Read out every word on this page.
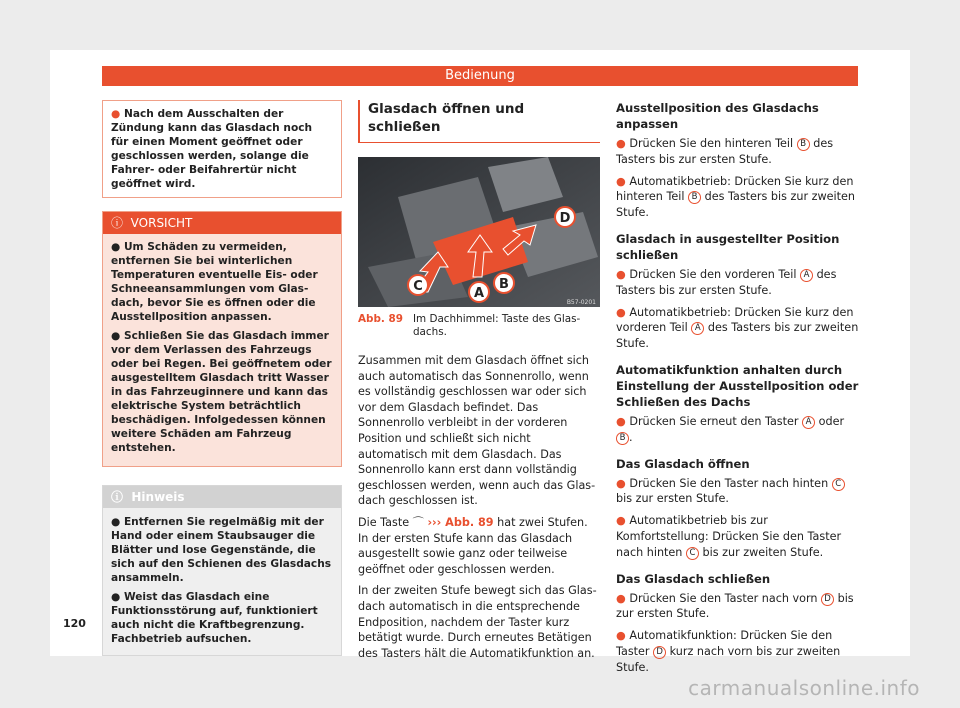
Bedienung
● Nach dem Ausschalten der Zündung kann das Glasdach noch für einen Moment geöffnet oder geschlossen werden, solange die Fahrer- oder Beifahrertür nicht geöffnet wird.
ⓘ VORSICHT

● Um Schäden zu vermeiden, entfernen Sie bei winterlichen Temperaturen eventuelle Eis- oder Schneeansammlungen vom Glasdach, bevor Sie es öffnen oder die Ausstellposition anpassen.

● Schließen Sie das Glasdach immer vor dem Verlassen des Fahrzeugs oder bei Regen. Bei geöffnetem oder ausgestelltem Glasdach tritt Wasser in das Fahrzeuginnere und kann das elektrische System beträchtlich beschädigen. Infolgedessen können weitere Schäden am Fahrzeug entstehen.

ⓘ Hinweis

● Entfernen Sie regelmäßig mit der Hand oder einem Staubsauger die Blätter und lose Gegenstände, die sich auf den Schienen des Glasdachs ansammeln.

● Weist das Glasdach eine Funktionsstörung auf, funktioniert auch nicht die Kraftbegrenzung. Fachbetrieb aufsuchen.

Glasdach öffnen und schließen
C	A
B
D
B57-0201
Abb. 89 Im Dachhimmel: Taste des Glasdachs.

Zusammen mit dem Glasdach öffnet sich auch automatisch das Sonnenrollo, wenn es vollständig geschlossen war oder sich vor dem Glasdach befindet. Das Sonnenrollo verbleibt in der vorderen Position und schließt sich nicht automatisch mit dem Glasdach. Das Sonnenrollo kann erst dann vollständig geschlossen werden, wenn auch das Glasdach geschlossen ist.

Die Taste ⌒ ››› Abb. 89 hat zwei Stufen. In der ersten Stufe kann das Glasdach ausgestellt sowie ganz oder teilweise geöffnet oder geschlossen werden.

In der zweiten Stufe bewegt sich das Glasdach automatisch in die entsprechende Endposition, nachdem der Taster kurz betätigt wurde. Durch erneutes Betätigen des Tasters hält die Automatikfunktion an.

Ausstellposition des Glasdachs anpassen

● Drücken Sie den hinteren Teil B des Tasters bis zur ersten Stufe.

● Automatikbetrieb: Drücken Sie kurz den hinteren Teil B des Tasters bis zur zweiten Stufe.

Glasdach in ausgestellter Position schließen

● Drücken Sie den vorderen Teil A des Tasters bis zur ersten Stufe.

● Automatikbetrieb: Drücken Sie kurz den vorderen Teil A des Tasters bis zur zweiten Stufe.

Automatikfunktion anhalten durch Einstellung der Ausstellposition oder Schließen des Dachs

● Drücken Sie erneut den Taster A oder B .

Das Glasdach öffnen

● Drücken Sie den Taster nach hinten C bis zur ersten Stufe.

● Automatikbetrieb bis zur Komfortstellung: Drücken Sie den Taster nach hinten C bis zur zweiten Stufe.

Das Glasdach schließen

● Drücken Sie den Taster nach vorn D bis zur ersten Stufe.

● Automatikfunktion: Drücken Sie den Taster D kurz nach vorn bis zur zweiten Stufe.

120
carmanualsonline.info
